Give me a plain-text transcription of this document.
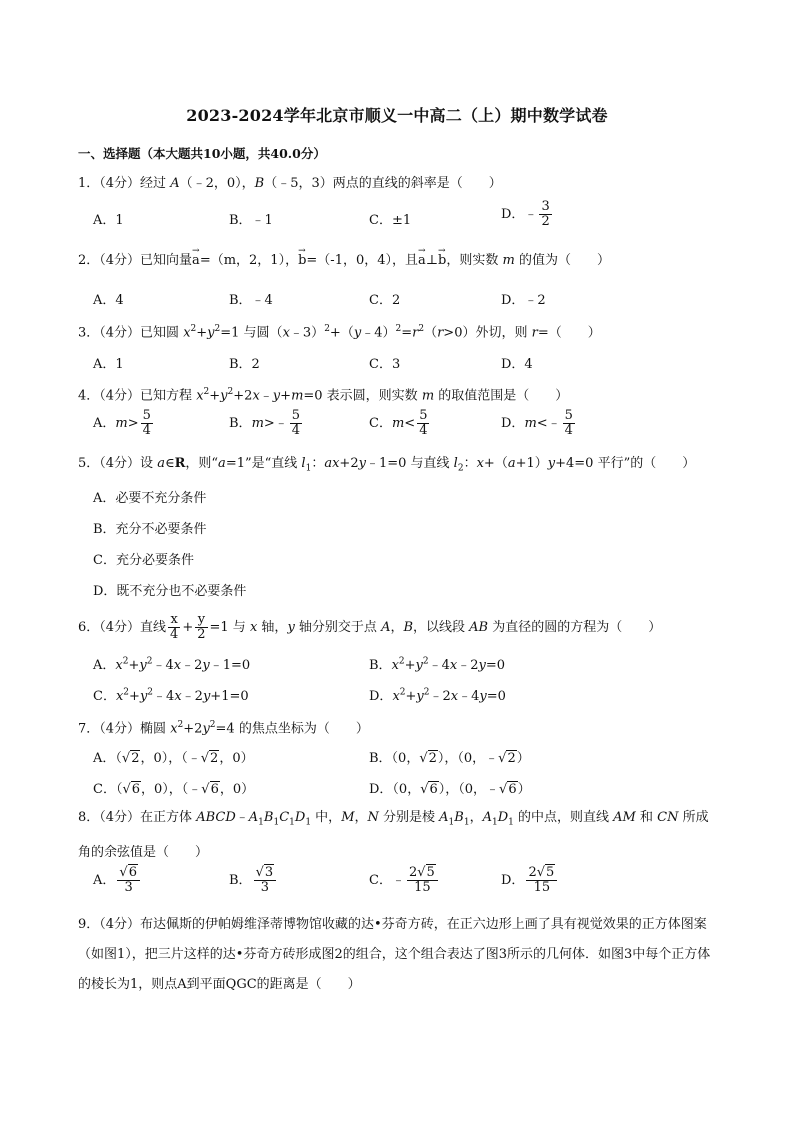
2023-2024学年北京市顺义一中高二（上）期中数学试卷
一、选择题（本大题共10小题，共40.0分）
1．（4分）经过 A（﹣2，0），B（﹣5，3）两点的直线的斜率是（　　）
A．1	B．﹣1	C．±1	D．﹣ $\frac{3}{2}$
2．（4分）已知向量→ a=（m，2，1），→ b=（-1，0，4），且→ a⊥→ b，则实数 m 的值为（　　）
A．4	B．﹣4	C．2	D．﹣2
3．（4分）已知圆 $x^2+y^2=1$ 与圆$(x﹣3)^2+(y﹣4)^2=r^2(r>0)$外切，则 r=（　　）
A．1	B．2	C．3	D．4
4．（4分）已知方程 $x^2+y^2+2x﹣y+m=0$ 表示圆，则实数 m 的取值范围是（　　）
A．$m> \frac{5}{4}$	B．m>﹣ $\frac{5}{4}$	C．$m< \frac{5}{4}$	D．m<﹣ $\frac{5}{4}$
5．（4分）设 a∈R，则“a=1”是“直线 $l_1$：ax+2y﹣1=0 与直线 $l_2$：x+（a+1）y+4=0 平行”的（　　）
A．必要不充分条件
B．充分不必要条件
C．充分必要条件
D．既不充分也不必要条件
6．（4分）直线 $\frac{x}{4} + \frac{y}{2} =1$ 与 x 轴，y 轴分别交于点 A，B，以线段 AB 为直径的圆的方程为（　　）
A．$x^2+y^2﹣4x﹣2y﹣1=0$	B．$x^2+y^2﹣4x﹣2y=0$
C．$x^2+y^2﹣4x﹣2y+1=0$	D．$x^2+y^2﹣2x﹣4y=0$
7．（4分）椭圆 $x^2+2y^2=4$ 的焦点坐标为（　　）
A．（√2，0），（﹣√2，0）	B．（0，√2），（0，﹣√2）
C．（√6，0），（﹣√6，0）	D．（0，√6），（0，﹣√6）
8．（4分）在正方体 $ABCD﹣A_1B_1C_1D_1$ 中，M，N 分别是棱 $A_1B_1$，$A_1D_1$ 的中点，则直线 AM 和 CN 所成角的余弦值是（　　）
A． $\frac{√6}{3}$	B． $\frac{√3}{3}$	C．﹣ $\frac{2√5}{15}$	D． $\frac{2√5}{15}$
9．（4分）布达佩斯的伊帕姆维泽蒂博物馆收藏的达•芬奇方砖，在正六边形上画了具有视觉效果的正方体图案（如图1），把三片这样的达•芬奇方砖形成图2的组合，这个组合表达了图3所示的几何体．如图3中每个正方体的棱长为1，则点A到平面QGC的距离是（　　）
